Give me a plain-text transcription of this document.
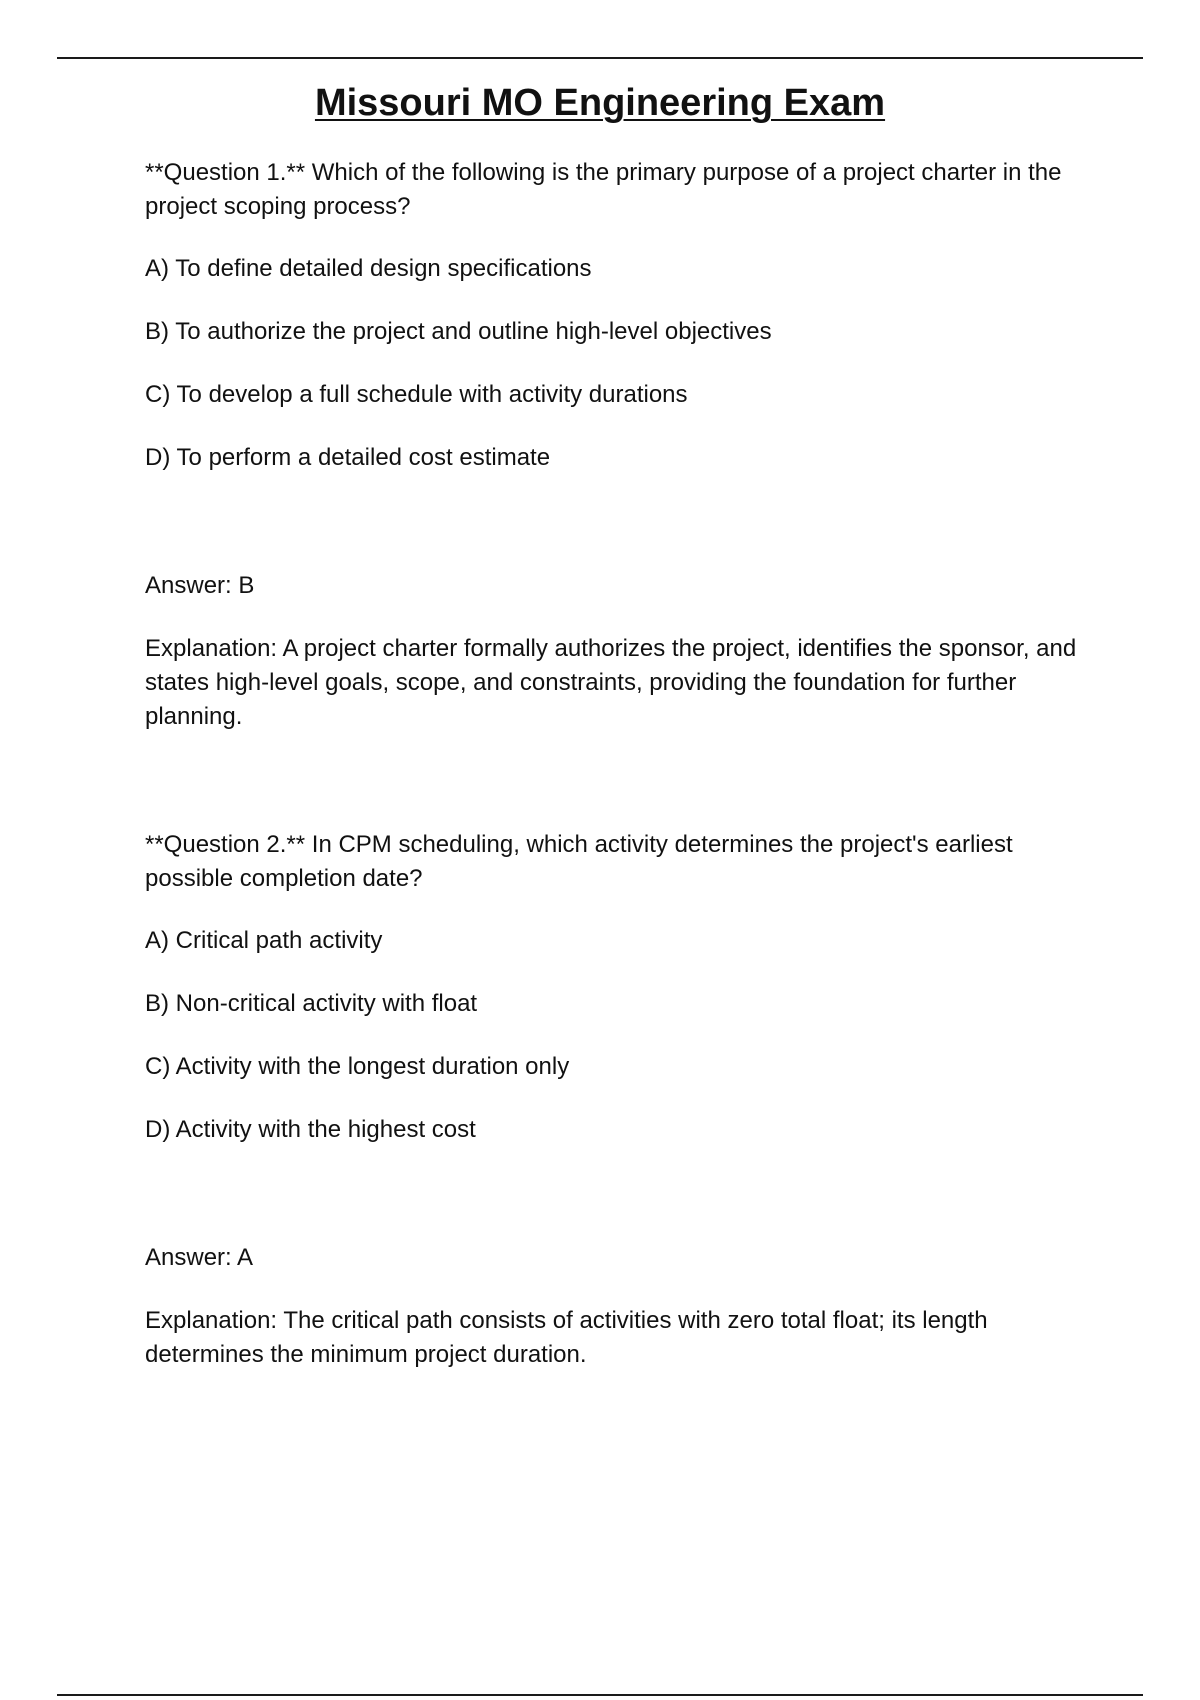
Missouri MO Engineering Exam

**Question 1.** Which of the following is the primary purpose of a project charter in the project scoping process?

A) To define detailed design specifications

B) To authorize the project and outline high-level objectives

C) To develop a full schedule with activity durations

D) To perform a detailed cost estimate

Answer: B

Explanation: A project charter formally authorizes the project, identifies the sponsor, and states high-level goals, scope, and constraints, providing the foundation for further planning.

**Question 2.** In CPM scheduling, which activity determines the project's earliest possible completion date?

A) Critical path activity

B) Non-critical activity with float

C) Activity with the longest duration only

D) Activity with the highest cost

Answer: A

Explanation: The critical path consists of activities with zero total float; its length determines the minimum project duration.
